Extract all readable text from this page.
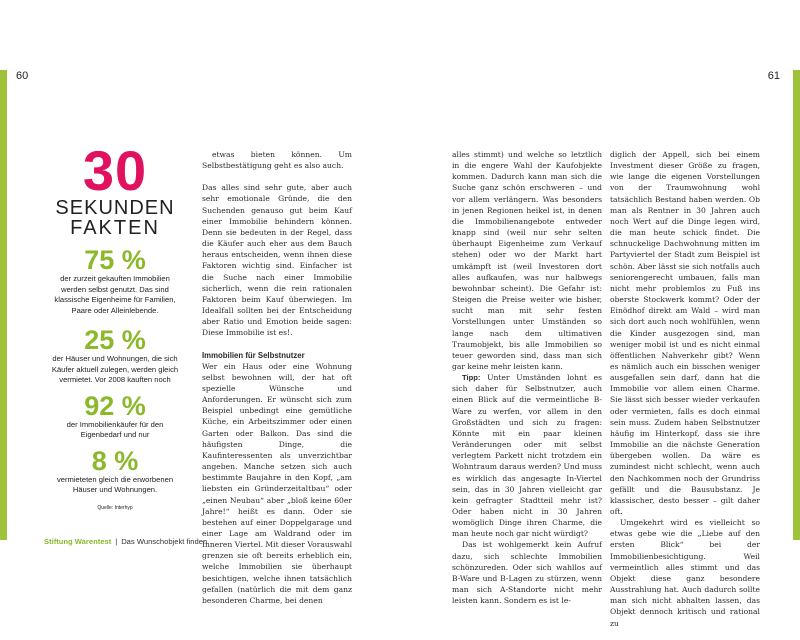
60	61
30
SEKUNDEN
FAKTEN
75 %
der zurzeit gekauften Immobilien werden selbst genutzt. Das sind klassische Eigenheime für Familien, Paare oder Alleinlebende.
25 %
der Häuser und Wohnungen, die sich Käufer aktuell zulegen, werden gleich vermietet. Vor 2008 kauften noch
92 %
der Immobilienkäufer für den Eigenbedarf und nur
8 %
vermieteten gleich die erworbenen Häuser und Wohnungen.
Quelle: Interhyp

etwas bieten können. Um Selbstbestätigung geht es also auch.

Das alles sind sehr gute, aber auch sehr emotionale Gründe, die den Suchenden genauso gut beim Kauf einer Immobilie behindern können. Denn sie bedeuten in der Regel, dass die Käufer auch eher aus dem Bauch heraus entscheiden, wenn ihnen diese Faktoren wichtig sind. Einfacher ist die Suche nach einer Immobilie sicherlich, wenn die rein rationalen Faktoren beim Kauf überwiegen. Im Idealfall sollten bei der Entscheidung aber Ratio und Emotion beide sagen: Diese Immobilie ist es!.

Immobilien für Selbstnutzer

Wer ein Haus oder eine Wohnung selbst bewohnen will, der hat oft spezielle Wünsche und Anforderungen. Er wünscht sich zum Beispiel unbedingt eine gemütliche Küche, ein Arbeitszimmer oder einen Garten oder Balkon. Das sind die häufigsten Dinge, die Kaufinteressenten als unverzichtbar angeben. Manche setzen sich auch bestimmte Baujahre in den Kopf, „am liebsten ein Gründerzeitaltbau“ oder „einen Neubau“ aber „bloß keine 60er Jahre!“ heißt es dann. Oder sie bestehen auf einer Doppelgarage und einer Lage am Waldrand oder im Inneren Viertel. Mit dieser Vorauswahl grenzen sie oft bereits erheblich ein, welche Immobilien sie überhaupt besichtigen, welche ihnen tatsächlich gefallen (natürlich die mit dem ganz besonderen Charme, bei denen

alles stimmt) und welche so letztlich in die engere Wahl der Kaufobjekte kommen. Dadurch kann man sich die Suche ganz schön erschweren – und vor allem verlängern. Was besonders in jenen Regionen heikel ist, in denen die Immobilienangebote entweder knapp sind (weil nur sehr selten überhaupt Eigenheime zum Verkauf stehen) oder wo der Markt hart umkämpft ist (weil Investoren dort alles aufkaufen, was nur halbwegs bewohnbar scheint). Die Gefahr ist: Steigen die Preise weiter wie bisher, sucht man mit sehr festen Vorstellungen unter Umständen so lange nach dem ultimativen Traumobjekt, bis alle Immobilien so teuer geworden sind, dass man sich gar keine mehr leisten kann.

Tipp: Unter Umständen lohnt es sich daher für Selbstnutzer, auch einen Blick auf die vermeintliche B-Ware zu werfen, vor allem in den Großstädten und sich zu fragen: Könnte mit ein paar kleinen Veränderungen oder mit selbst verlegtem Parkett nicht trotzdem ein Wohntraum daraus werden? Und muss es wirklich das angesagte In-Viertel sein, das in 30 Jahren vielleicht gar kein gefragter Stadtteil mehr ist? Oder haben nicht in 30 Jahren womöglich Dinge ihren Charme, die man heute noch gar nicht würdigt?

Das ist wohlgemerkt kein Aufruf dazu, sich schlechte Immobilien schönzureden. Oder sich wahllos auf B-Ware und B-Lagen zu stürzen, wenn man sich A-Standorte nicht mehr leisten kann. Sondern es ist le-

diglich der Appell, sich bei einem Investment dieser Größe zu fragen, wie lange die eigenen Vorstellungen von der Traumwohnung wohl tatsächlich Bestand haben werden. Ob man als Rentner in 30 Jahren auch noch Wert auf die Dinge legen wird, die man heute schick findet. Die schnuckelige Dachwohnung mitten im Partyviertel der Stadt zum Beispiel ist schön. Aber lässt sie sich notfalls auch seniorengerecht umbauen, falls man nicht mehr problemlos zu Fuß ins oberste Stockwerk kommt? Oder der Einödhof direkt am Wald – wird man sich dort auch noch wohlfühlen, wenn die Kinder ausgezogen sind, man weniger mobil ist und es nicht einmal öffentlichen Nahverkehr gibt? Wenn es nämlich auch ein bisschen weniger ausgefallen sein darf, dann hat die Immobilie vor allem einen Charme. Sie lässt sich besser wieder verkaufen oder vermieten, falls es doch einmal sein muss. Zudem haben Selbstnutzer häufig im Hinterkopf, dass sie ihre Immobilie an die nächste Generation übergeben wollen. Da wäre es zumindest nicht schlecht, wenn auch den Nachkommen noch der Grundriss gefällt und die Bausubstanz. Je klassischer, desto besser – gilt daher oft.

Umgekehrt wird es vielleicht so etwas gebe wie die „Liebe auf den ersten Blick“ bei der Immobilienbesichtigung. Weil vermeintlich alles stimmt und das Objekt diese ganz besondere Ausstrahlung hat. Auch dadurch sollte man sich nicht abhalten lassen, das Objekt dennoch kritisch und rational zu

Stiftung Warentest | Das Wunschobjekt finden
